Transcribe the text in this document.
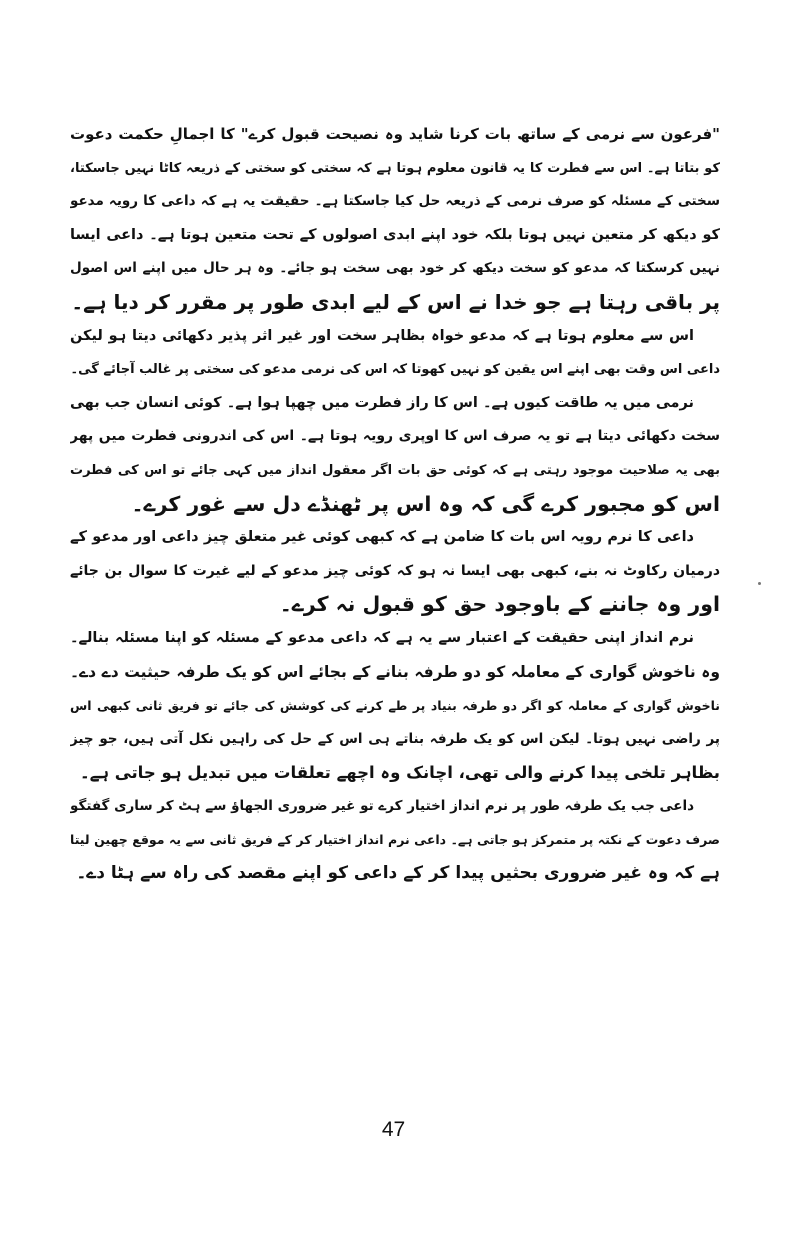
"فرعون سے نرمی کے ساتھ بات کرنا شاید وہ نصیحت قبول کرے" کا اجمالِ حکمت دعوت
کو بتاتا ہے۔ اس سے فطرت کا یہ قانون معلوم ہوتا ہے کہ سختی کو سختی کے ذریعہ کاٹا نہیں جاسکتا،
سختی کے مسئلہ کو صرف نرمی کے ذریعہ حل کیا جاسکتا ہے۔ حقیقت یہ ہے کہ داعی کا رویہ مدعو
کو دیکھ کر متعین نہیں ہوتا بلکہ خود اپنے ابدی اصولوں کے تحت متعین ہوتا ہے۔ داعی ایسا
نہیں کرسکتا کہ مدعو کو سخت دیکھ کر خود بھی سخت ہو جائے۔ وہ ہر حال میں اپنے اس اصول
پر باقی رہتا ہے جو خدا نے اس کے لیے ابدی طور پر مقرر کر دیا ہے۔
اس سے معلوم ہوتا ہے کہ مدعو خواہ بظاہر سخت اور غیر اثر پذیر دکھائی دیتا ہو لیکن
داعی اس وقت بھی اپنے اس یقین کو نہیں کھوتا کہ اس کی نرمی مدعو کی سختی پر غالب آجائے گی۔
نرمی میں یہ طاقت کیوں ہے۔ اس کا راز فطرت میں چھپا ہوا ہے۔ کوئی انسان جب بھی
سخت دکھائی دیتا ہے تو یہ صرف اس کا اوپری رویہ ہوتا ہے۔ اس کی اندرونی فطرت میں پھر
بھی یہ صلاحیت موجود رہتی ہے کہ کوئی حق بات اگر معقول انداز میں کہی جائے تو اس کی فطرت
اس کو مجبور کرے گی کہ وہ اس پر ٹھنڈے دل سے غور کرے۔
داعی کا نرم رویہ اس بات کا ضامن ہے کہ کبھی کوئی غیر متعلق چیز داعی اور مدعو کے
درمیان رکاوٹ نہ بنے، کبھی بھی ایسا نہ ہو کہ کوئی چیز مدعو کے لیے غیرت کا سوال بن جائے
اور وہ جاننے کے باوجود حق کو قبول نہ کرے۔
نرم انداز اپنی حقیقت کے اعتبار سے یہ ہے کہ داعی مدعو کے مسئلہ کو اپنا مسئلہ بنالے۔
وہ ناخوش گواری کے معاملہ کو دو طرفہ بنانے کے بجائے اس کو یک طرفہ حیثیت دے دے۔
ناخوش گواری کے معاملہ کو اگر دو طرفہ بنیاد پر طے کرنے کی کوشش کی جائے تو فریق ثانی کبھی اس
پر راضی نہیں ہوتا۔ لیکن اس کو یک طرفہ بناتے ہی اس کے حل کی راہیں نکل آتی ہیں، جو چیز
بظاہر تلخی پیدا کرنے والی تھی، اچانک وہ اچھے تعلقات میں تبدیل ہو جاتی ہے۔
داعی جب یک طرفہ طور پر نرم انداز اختیار کرے تو غیر ضروری الجھاؤ سے ہٹ کر ساری گفتگو
صرف دعوت کے نکتہ پر متمرکز ہو جاتی ہے۔ داعی نرم انداز اختیار کر کے فریق ثانی سے یہ موقع چھین لیتا
ہے کہ وہ غیر ضروری بحثیں پیدا کر کے داعی کو اپنے مقصد کی راہ سے ہٹا دے۔
47
